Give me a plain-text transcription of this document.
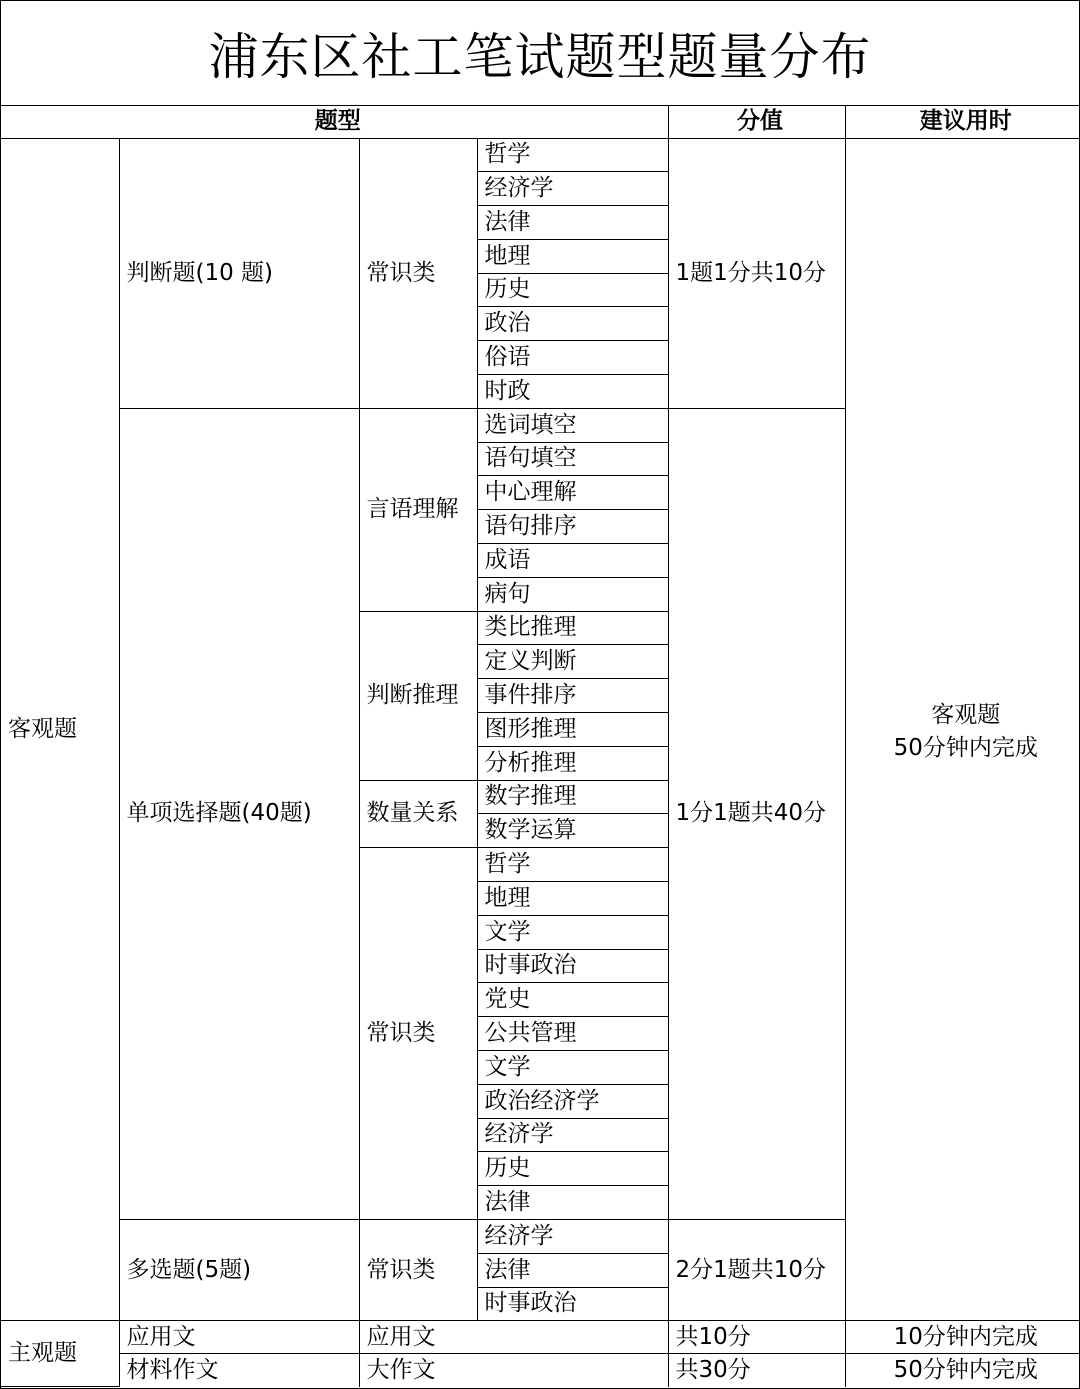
浦东区社工笔试题型题量分布
题型				分值	建议用时
客观题	判断题(10 题)	常识类	哲学	1题1分共10分	客观题
50分钟内完成

			经济学		
			法律		
			地理		
			历史		
			政治		
			俗语		
			时政		
	单项选择题(40题)	言语理解	选词填空	1分1题共40分	
			语句填空		
			中心理解		
			语句排序		
			成语		
			病句		
		判断推理	类比推理		
			定义判断		
			事件排序		
			图形推理		
			分析推理		
		数量关系	数字推理		
			数学运算		
		常识类	哲学		
			地理		
			文学		
			时事政治		
			党史		
			公共管理		
			文学		
			政治经济学		
			经济学		
			历史		
			法律		
	多选题(5题)	常识类	经济学	2分1题共10分	
			法律		
			时事政治		
主观题	应用文	应用文		共10分	10分钟内完成
	材料作文	大作文		共30分	50分钟内完成
